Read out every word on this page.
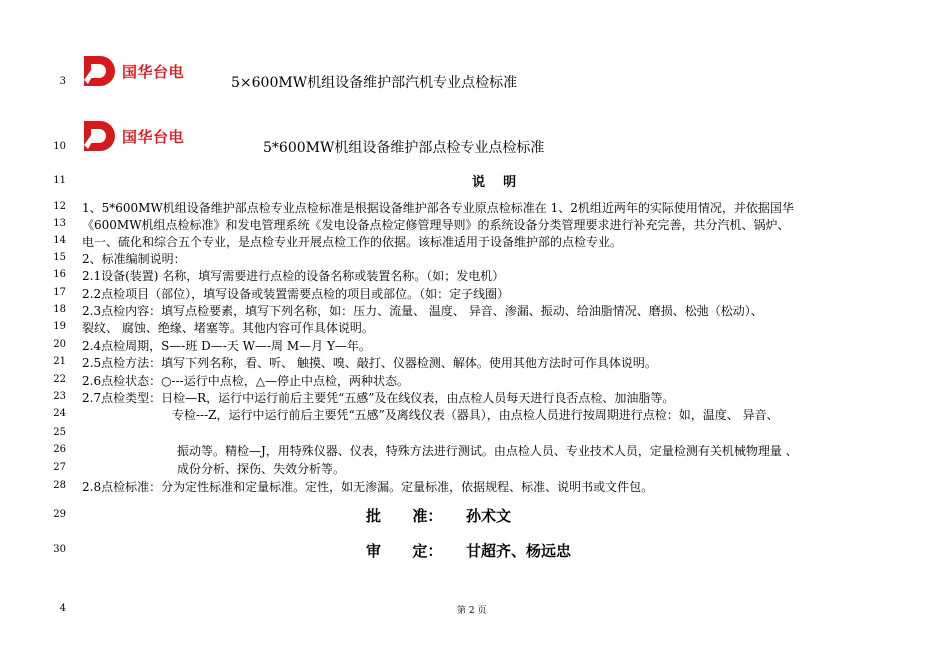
3
10
11
12
13
14
15
16
17
18
19
20
21
22
23
24
25
26
27
28
29
30
4
国华台电
5×600MW机组设备维护部汽机专业点检标准
国华台电
5*600MW机组设备维护部点检专业点检标准
说    明
1、5*600MW机组设备维护部点检专业点检标准是根据设备维护部各专业原点检标准在 1、2机组近两年的实际使用情况，并依据国华
《600MW机组点检标准》和发电管理系统《发电设备点检定修管理导则》的系统设备分类管理要求进行补充完善，共分汽机、锅炉、
电一、硫化和综合五个专业，是点检专业开展点检工作的依据。该标准适用于设备维护部的点检专业。
2、标准编制说明：
2.1设备(装置) 名称，填写需要进行点检的设备名称或装置名称。（如；发电机）
2.2点检项目（部位），填写设备或装置需要点检的项目或部位。（如：定子线圈）
2.3点检内容：填写点检要素，填写下列名称，如：压力、流量、 温度、 异音、渗漏、振动、给油脂情况、磨损、松弛（松动）、
裂纹、 腐蚀、绝缘、堵塞等。其他内容可作具体说明。
2.4点检周期，S—-班 D—-天 W—-周 M—月 Y—年。
2.5点检方法：填写下列名称，看、听、 触摸、嗅、敲打、仪器检测、解体。使用其他方法时可作具体说明。
2.6点检状态：○---运行中点检，△—停止中点检，两种状态。
2.7点检类型：日检—R，运行中运行前后主要凭“五感”及在线仪表，由点检人员每天进行良否点检、加油脂等。
专检---Z，运行中运行前后主要凭“五感”及离线仪表（器具），由点检人员进行按周期进行点检：如，温度、 异音、
振动等。精检—J，用特殊仪器、仪表，特殊方法进行测试。由点检人员、专业技术人员，定量检测有关机械物理量 、
成份分析、探伤、失效分析等。
2.8点检标准：分为定性标准和定量标准。定性，如无渗漏。定量标准，依据规程、标准、说明书或文件包。
批      准： 孙术文
审      定： 甘超齐、杨远忠
第 2 页
